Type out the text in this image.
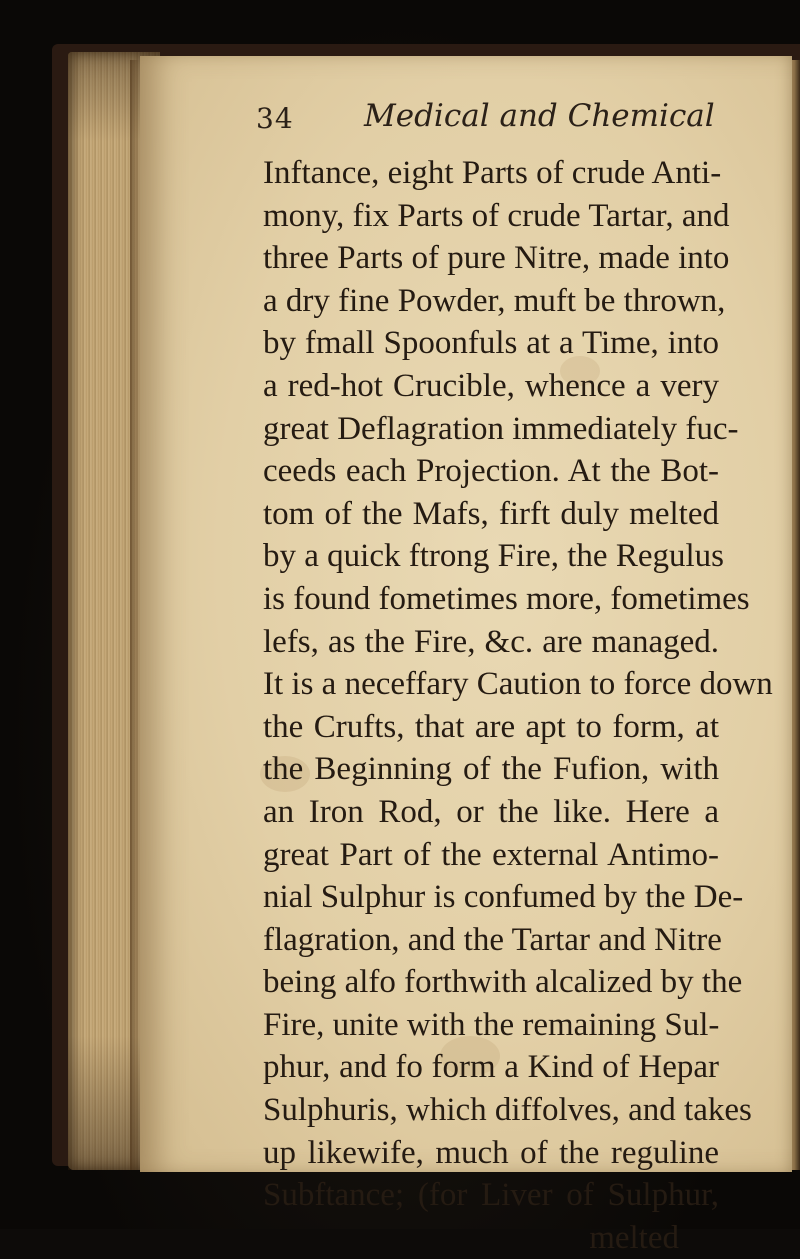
34 Medical and Chemical
Inftance, eight Parts of crude Anti-
mony, fix Parts of crude Tartar, and
three Parts of pure Nitre, made into
a dry fine Powder, muft be thrown,
by fmall Spoonfuls at a Time, into
a red-hot Crucible, whence a very
great Deflagration immediately fuc-
ceeds each Projection. At the Bot-
tom of the Mafs, firft duly melted
by a quick ftrong Fire, the Regulus
is found fometimes more, fometimes
lefs, as the Fire, &c. are managed.
It is a neceffary Caution to force down
the Crufts, that are apt to form, at
the Beginning of the Fufion, with
an Iron Rod, or the like. Here a
great Part of the external Antimo-
nial Sulphur is confumed by the De-
flagration, and the Tartar and Nitre
being alfo forthwith alcalized by the
Fire, unite with the remaining Sul-
phur, and fo form a Kind of Hepar
Sulphuris, which diffolves, and takes
up likewife, much of the reguline
Subftance; (for Liver of Sulphur,
melted
